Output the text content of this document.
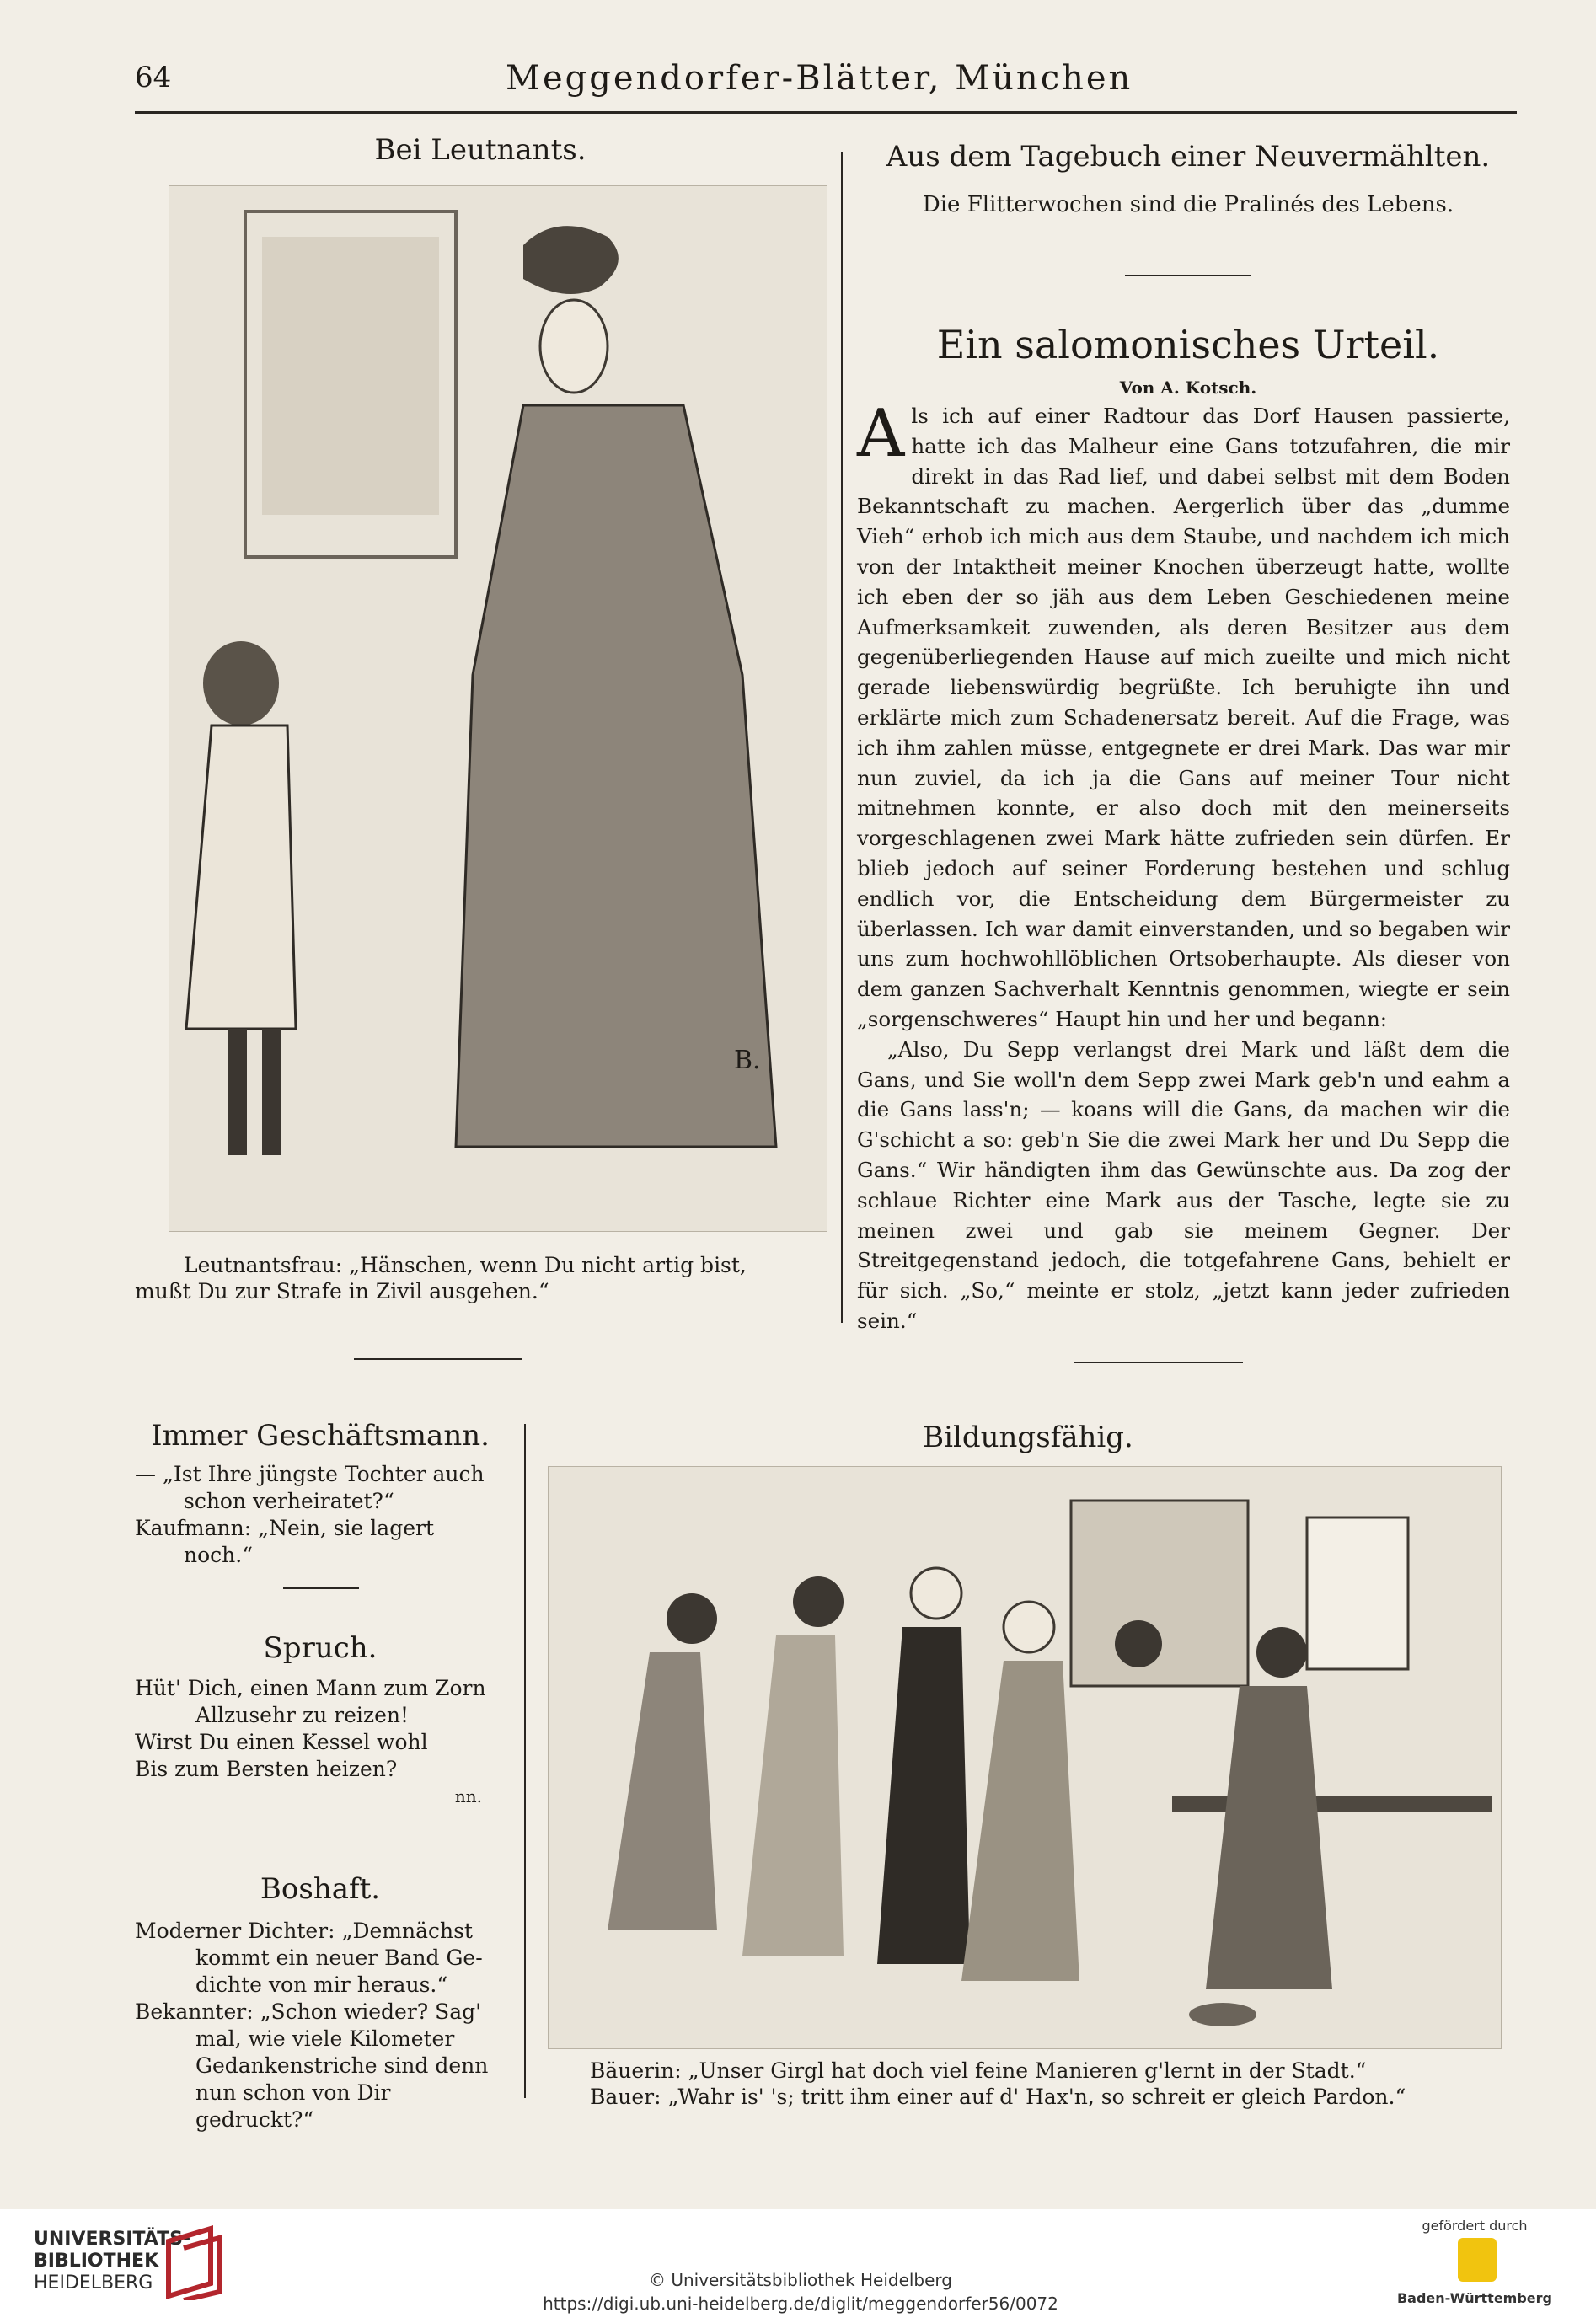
64	Meggendorfer-Blätter, München
Bei Leutnants.
B.
Leutnantsfrau: „Hänschen, wenn Du nicht artig bist,
mußt Du zur Strafe in Zivil ausgehen.“
Aus dem Tagebuch einer Neuvermählten.
Die Flitterwochen sind die Pralinés des Lebens.
Ein salomonisches Urteil.
Von A. Kotsch.

Als ich auf einer Radtour das Dorf Hausen passierte, hatte ich das Malheur eine Gans totzufahren, die mir direkt in das Rad lief, und dabei selbst mit dem Boden Bekanntschaft zu machen. Aergerlich über das „dumme Vieh“ erhob ich mich aus dem Staube, und nachdem ich mich von der Intaktheit meiner Knochen überzeugt hatte, wollte ich eben der so jäh aus dem Leben Geschiedenen meine Aufmerksamkeit zuwenden, als deren Besitzer aus dem gegenüberliegenden Hause auf mich zueilte und mich nicht gerade liebenswürdig begrüßte. Ich beruhigte ihn und erklärte mich zum Schadenersatz bereit. Auf die Frage, was ich ihm zahlen müsse, entgegnete er drei Mark. Das war mir nun zuviel, da ich ja die Gans auf meiner Tour nicht mitnehmen konnte, er also doch mit den meinerseits vorgeschlagenen zwei Mark hätte zufrieden sein dürfen. Er blieb jedoch auf seiner Forderung bestehen und schlug endlich vor, die Entscheidung dem Bürgermeister zu überlassen. Ich war damit einverstanden, und so begaben wir uns zum hochwohllöblichen Ortsoberhaupte. Als dieser von dem ganzen Sachverhalt Kenntnis genommen, wiegte er sein „sorgenschweres“ Haupt hin und her und begann:

„Also, Du Sepp verlangst drei Mark und läßt dem die Gans, und Sie woll'n dem Sepp zwei Mark geb'n und eahm a die Gans lass'n; — koans will die Gans, da machen wir die G'schicht a so: geb'n Sie die zwei Mark her und Du Sepp die Gans.“ Wir händigten ihm das Gewünschte aus. Da zog der schlaue Richter eine Mark aus der Tasche, legte sie zu meinen zwei und gab sie meinem Gegner. Der Streitgegenstand jedoch, die totgefahrene Gans, behielt er für sich. „So,“ meinte er stolz, „jetzt kann jeder zufrieden sein.“

Immer Geschäftsmann.
— „Ist Ihre jüngste Tochter auch
schon verheiratet?“
Kaufmann: „Nein, sie lagert
noch.“
Spruch.
Hüt' Dich, einen Mann zum Zorn
Allzusehr zu reizen!
Wirst Du einen Kessel wohl
Bis zum Bersten heizen?
nn.
Boshaft.
Moderner Dichter: „Demnächst
kommt ein neuer Band Ge-
dichte von mir heraus.“
Bekannter: „Schon wieder? Sag'
mal, wie viele Kilometer
Gedankenstriche sind denn
nun schon von Dir gedruckt?“
Bildungsfähig.
Bäuerin: „Unser Girgl hat doch viel feine Manieren g'lernt in der Stadt.“
Bauer: „Wahr is' 's; tritt ihm einer auf d' Hax'n, so schreit er gleich Pardon.“
UNIVERSITÄTS-
BIBLIOTHEK
HEIDELBERG	© Universitätsbibliothek Heidelberg
https://digi.ub.uni-heidelberg.de/diglit/meggendorfer56/0072
gefördert durch
Baden-Württemberg
